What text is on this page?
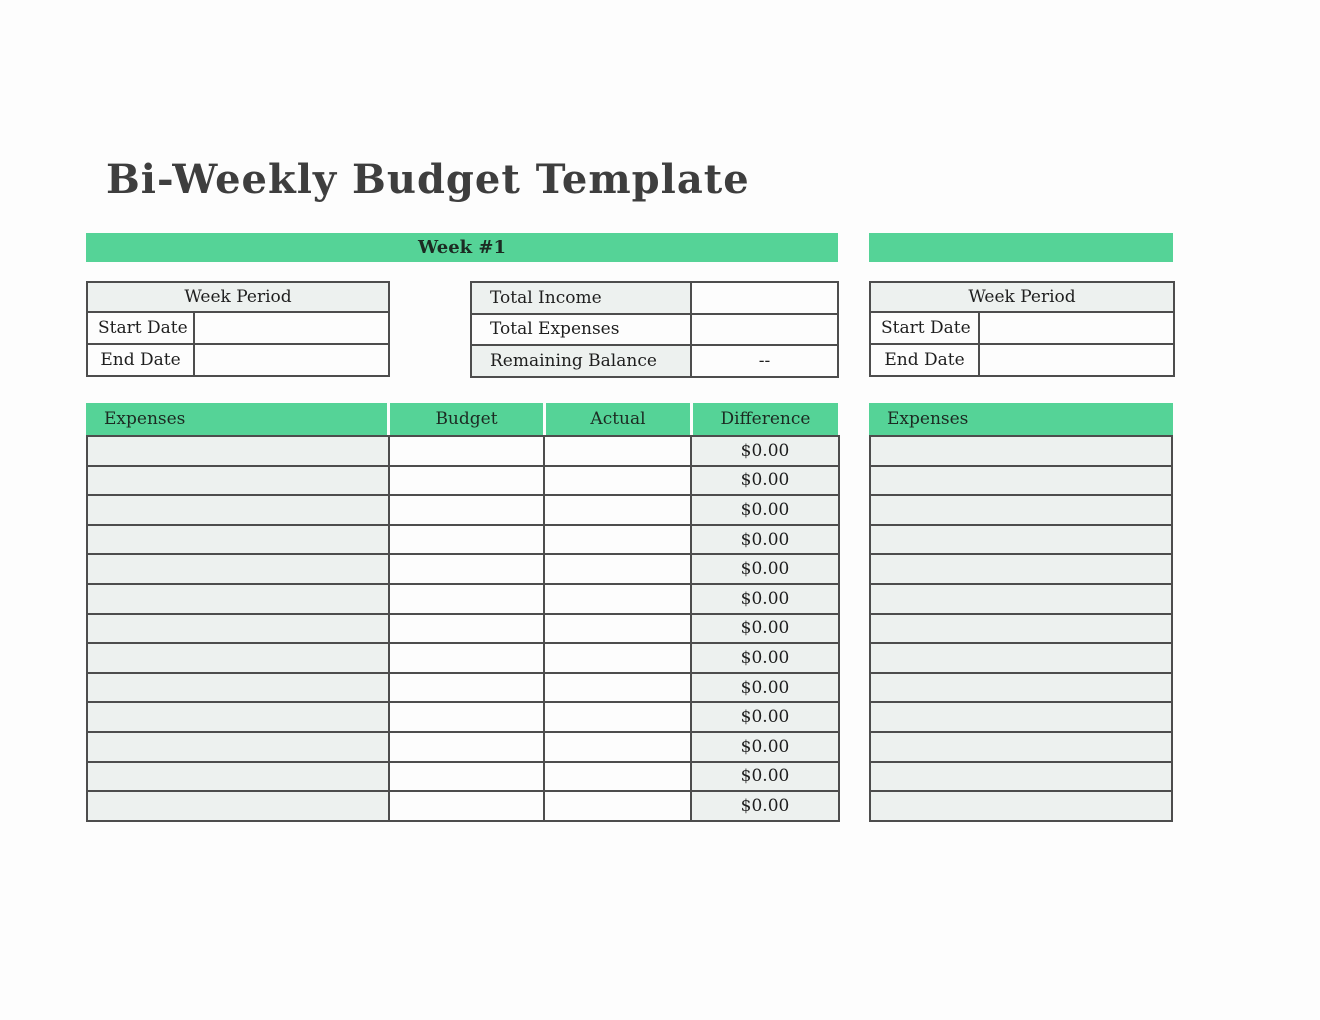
Bi-Weekly Budget Template
Week #1
Week Period	
Start Date	
End Date	
Total Income	
Total Expenses	
Remaining Balance	--
Week Period	
Start Date	
End Date	
Expenses	Budget	Actual	Difference
			$0.00
			$0.00
			$0.00
			$0.00
			$0.00
			$0.00
			$0.00
			$0.00
			$0.00
			$0.00
			$0.00
			$0.00
			$0.00
Expenses
